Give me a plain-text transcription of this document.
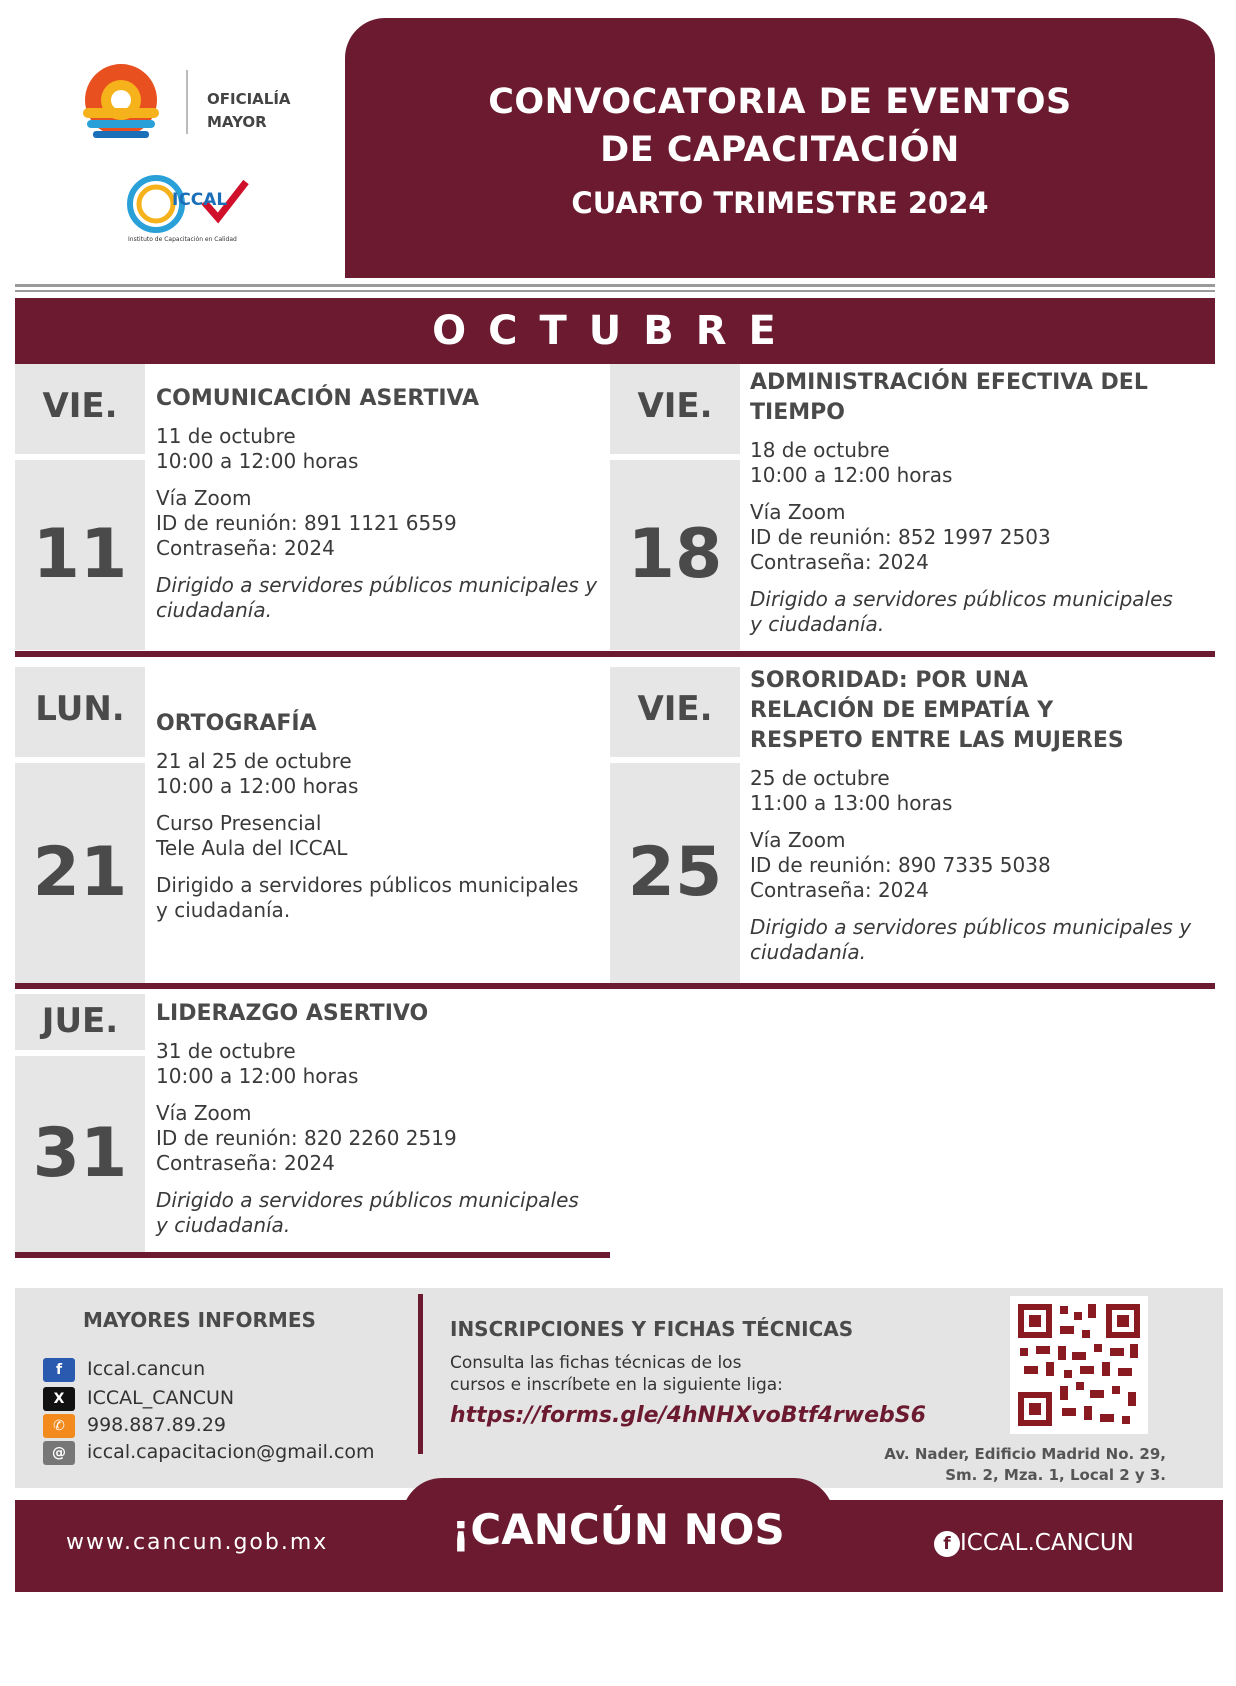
OFICIALÍA
MAYOR
ICCAL
Instituto de Capacitación en Calidad
CONVOCATORIA DE EVENTOS
DE CAPACITACIÓN
CUARTO TRIMESTRE 2024
OCTUBRE
VIE.
11
COMUNICACIÓN ASERTIVA
11 de octubre
10:00 a 12:00 horas
Vía Zoom
ID de reunión: 891 1121 6559
Contraseña: 2024
Dirigido a servidores públicos municipales y
ciudadanía.
VIE.
18
ADMINISTRACIÓN EFECTIVA DEL
TIEMPO
18 de octubre
10:00 a 12:00 horas
Vía Zoom
ID de reunión: 852 1997 2503
Contraseña: 2024
Dirigido a servidores públicos municipales
y ciudadanía.
LUN.
21
ORTOGRAFÍA
21 al 25 de octubre
10:00 a 12:00 horas
Curso Presencial
Tele Aula del ICCAL
Dirigido a servidores públicos municipales
y ciudadanía.
VIE.
25
SORORIDAD: POR UNA
RELACIÓN DE EMPATÍA Y
RESPETO ENTRE LAS MUJERES
25 de octubre
11:00 a 13:00 horas
Vía Zoom
ID de reunión: 890 7335 5038
Contraseña: 2024
Dirigido a servidores públicos municipales y
ciudadanía.
JUE.
31
LIDERAZGO ASERTIVO
31 de octubre
10:00 a 12:00 horas
Vía Zoom
ID de reunión: 820 2260 2519
Contraseña: 2024
Dirigido a servidores públicos municipales
y ciudadanía.
MAYORES INFORMES
f Iccal.cancun
X ICCAL_CANCUN
✆ 998.887.89.29
@ iccal.capacitacion@gmail.com
INSCRIPCIONES Y FICHAS TÉCNICAS
Consulta las fichas técnicas de los
cursos e inscríbete en la siguiente liga:
https://forms.gle/4hNHXvoBtf4rwebS6
Av. Nader, Edificio Madrid No. 29,
Sm. 2, Mza. 1, Local 2 y 3.
www.cancun.gob.mx	¡CANCÚN NOS UNE!
f ICCAL.CANCUN
